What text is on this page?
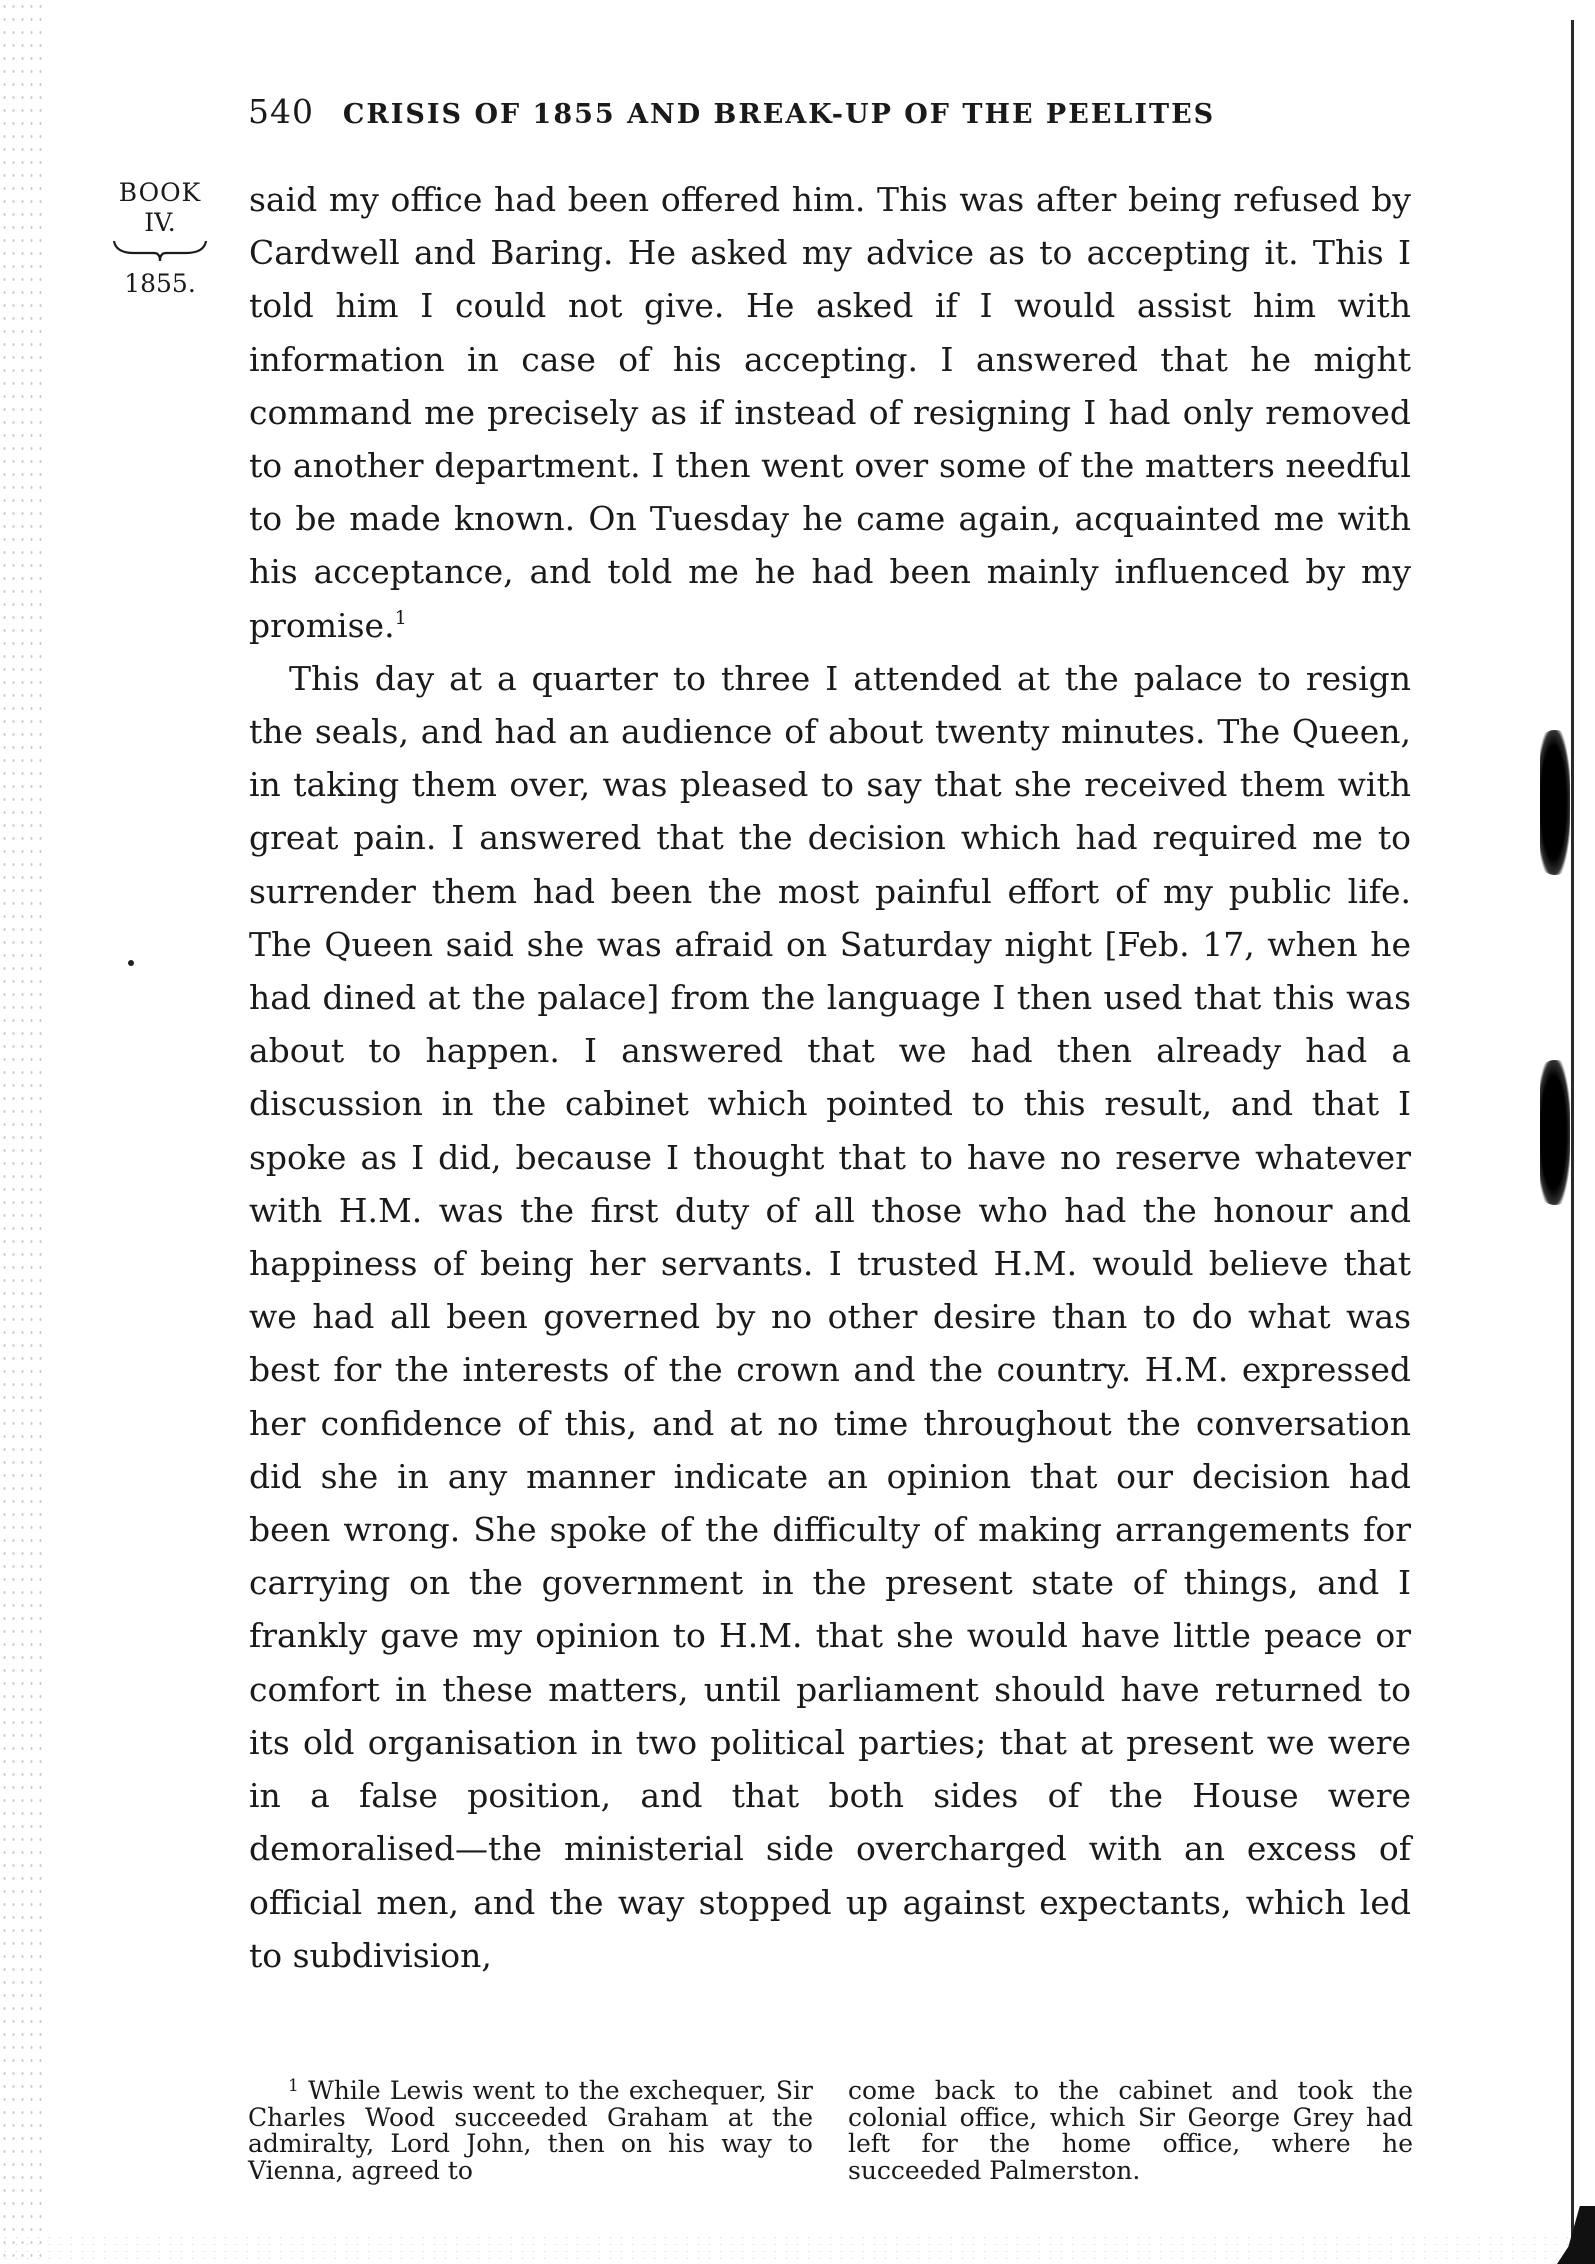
540 CRISIS OF 1855 AND BREAK-UP OF THE PEELITES
BOOK
IV.
1855.

said my office had been offered him. This was after being refused by Cardwell and Baring. He asked my advice as to accepting it. This I told him I could not give. He asked if I would assist him with information in case of his accepting. I answered that he might command me precisely as if instead of resigning I had only removed to another department. I then went over some of the matters needful to be made known. On Tuesday he came again, acquainted me with his acceptance, and told me he had been mainly influenced by my promise.$^1$

This day at a quarter to three I attended at the palace to resign the seals, and had an audience of about twenty minutes. The Queen, in taking them over, was pleased to say that she received them with great pain. I answered that the decision which had required me to surrender them had been the most painful effort of my public life. The Queen said she was afraid on Saturday night [Feb. 17, when he had dined at the palace] from the language I then used that this was about to happen. I answered that we had then already had a discussion in the cabinet which pointed to this result, and that I spoke as I did, because I thought that to have no reserve whatever with H.M. was the first duty of all those who had the honour and happiness of being her servants. I trusted H.M. would believe that we had all been governed by no other desire than to do what was best for the interests of the crown and the country. H.M. expressed her confidence of this, and at no time throughout the conversation did she in any manner indicate an opinion that our decision had been wrong. She spoke of the difficulty of making arrangements for carrying on the government in the present state of things, and I frankly gave my opinion to H.M. that she would have little peace or comfort in these matters, until parliament should have returned to its old organisation in two political parties; that at present we were in a false position, and that both sides of the House were demoralised—the ministerial side overcharged with an excess of official men, and the way stopped up against expectants, which led to subdivision,

$^1$ While Lewis went to the exchequer, Sir Charles Wood succeeded Graham at the admiralty, Lord John, then on his way to Vienna, agreed to
come back to the cabinet and took the colonial office, which Sir George Grey had left for the home office, where he succeeded Palmerston.
